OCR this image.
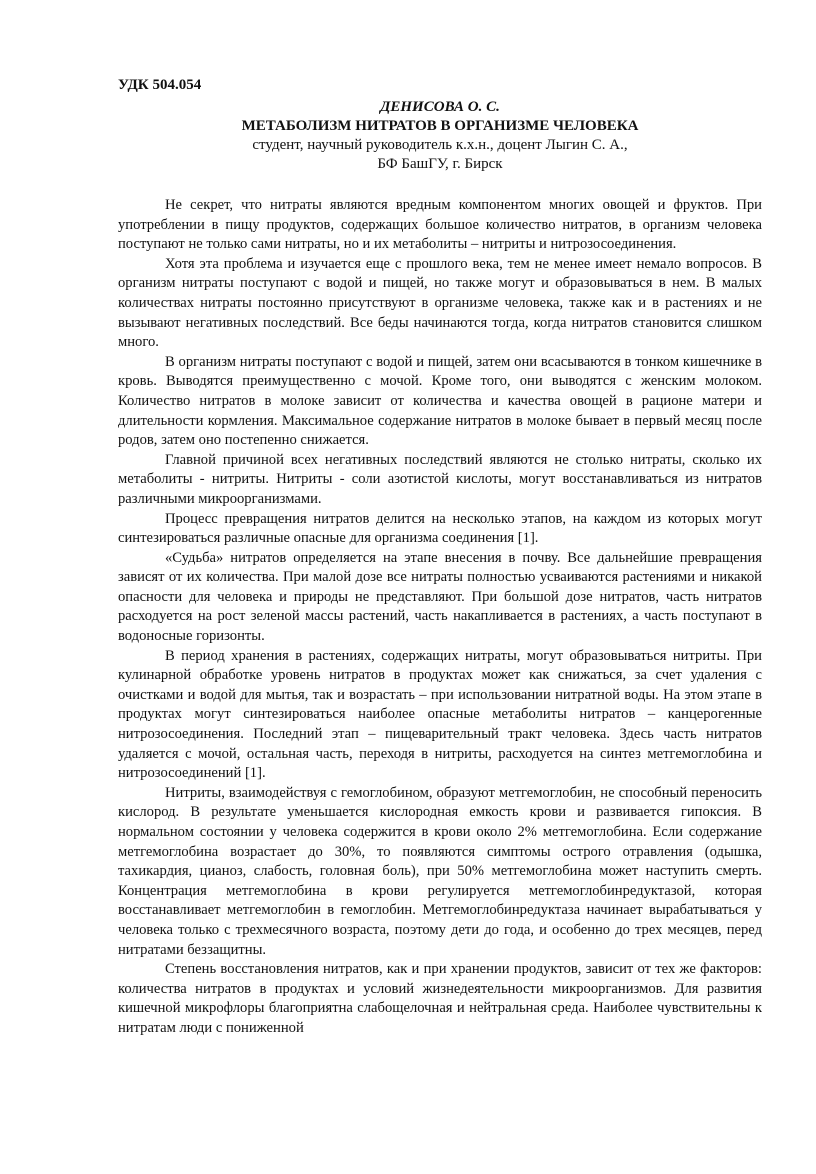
УДК 504.054
ДЕНИСОВА О. С.
МЕТАБОЛИЗМ НИТРАТОВ В ОРГАНИЗМЕ ЧЕЛОВЕКА
студент, научный руководитель к.х.н., доцент Лыгин С. А.,
БФ БашГУ, г. Бирск

Не секрет, что нитраты являются вредным компонентом многих овощей и фруктов. При употреблении в пищу продуктов, содержащих большое количество нитратов, в организм человека поступают не только сами нитраты, но и их метаболиты – нитриты и нитрозосоединения.

Хотя эта проблема и изучается еще с прошлого века, тем не менее имеет немало вопросов. В организм нитраты поступают с водой и пищей, но также могут и образовываться в нем. В малых количествах нитраты постоянно присутствуют в организме человека, также как и в растениях и не вызывают негативных последствий. Все беды начинаются тогда, когда нитратов становится слишком много.

В организм нитраты поступают с водой и пищей, затем они всасываются в тонком кишечнике в кровь. Выводятся преимущественно с мочой. Кроме того, они выводятся с женским молоком. Количество нитратов в молоке зависит от количества и качества овощей в рационе матери и длительности кормления. Максимальное содержание нитратов в молоке бывает в первый месяц после родов, затем оно постепенно снижается.

Главной причиной всех негативных последствий являются не столько нитраты, сколько их метаболиты - нитриты. Нитриты - соли азотистой кислоты, могут восстанавливаться из нитратов различными микроорганизмами.

Процесс превращения нитратов делится на несколько этапов, на каждом из которых могут синтезироваться различные опасные для организма соединения [1].

«Судьба» нитратов определяется на этапе внесения в почву. Все дальнейшие превращения зависят от их количества. При малой дозе все нитраты полностью усваиваются растениями и никакой опасности для человека и природы не представляют. При большой дозе нитратов, часть нитратов расходуется на рост зеленой массы растений, часть накапливается в растениях, а часть поступают в водоносные горизонты.

В период хранения в растениях, содержащих нитраты, могут образовываться нитриты. При кулинарной обработке уровень нитратов в продуктах может как снижаться, за счет удаления с очистками и водой для мытья, так и возрастать – при использовании нитратной воды. На этом этапе в продуктах могут синтезироваться наиболее опасные метаболиты нитратов – канцерогенные нитрозосоединения. Последний этап – пищеварительный тракт человека. Здесь часть нитратов удаляется с мочой, остальная часть, переходя в нитриты, расходуется на синтез метгемоглобина и нитрозосоединений [1].

Нитриты, взаимодействуя с гемоглобином, образуют метгемоглобин, не способный переносить кислород. В результате уменьшается кислородная емкость крови и развивается гипоксия. В нормальном состоянии у человека содержится в крови около 2% метгемоглобина. Если содержание метгемоглобина возрастает до 30%, то появляются симптомы острого отравления (одышка, тахикардия, цианоз, слабость, головная боль), при 50% метгемоглобина может наступить смерть. Концентрация метгемоглобина в крови регулируется метгемоглобинредуктазой, которая восстанавливает метгемоглобин в гемоглобин. Метгемоглобинредуктаза начинает вырабатываться у человека только с трехмесячного возраста, поэтому дети до года, и особенно до трех месяцев, перед нитратами беззащитны.

Степень восстановления нитратов, как и при хранении продуктов, зависит от тех же факторов: количества нитратов в продуктах и условий жизнедеятельности микроорганизмов. Для развития кишечной микрофлоры благоприятна слабощелочная и нейтральная среда. Наиболее чувствительны к нитратам люди с пониженной
